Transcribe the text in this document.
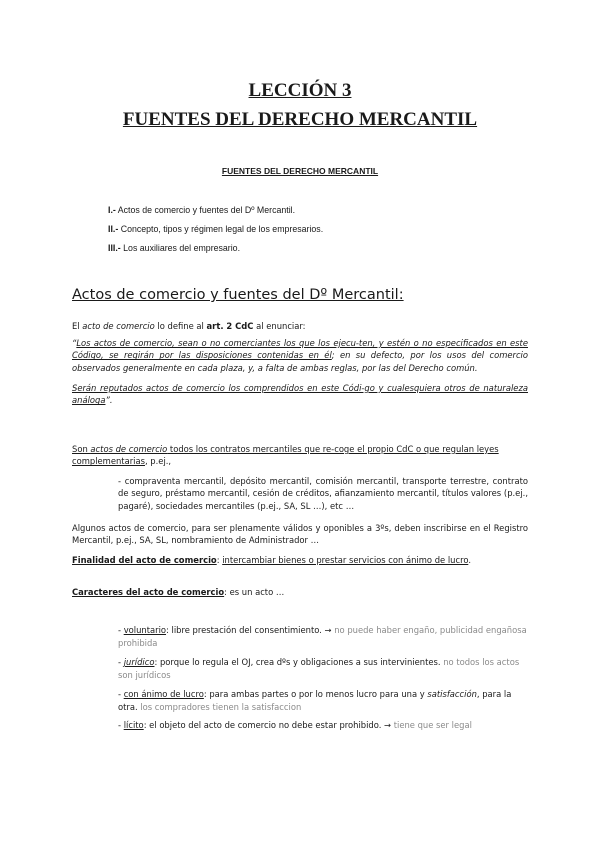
LECCIÓN 3
FUENTES DEL DERECHO MERCANTIL
FUENTES DEL DERECHO MERCANTIL
I.- Actos de comercio y fuentes del Dº Mercantil.
II.- Concepto, tipos y régimen legal de los empresarios.
III.- Los auxiliares del empresario.
Actos de comercio y fuentes del Dº Mercantil:
El acto de comercio lo define al art. 2 CdC al enunciar:
“Los actos de comercio, sean o no comerciantes los que los ejecu-ten, y estén o no especificados en este Código, se regirán por las disposiciones contenidas en él; en su defecto, por los usos del comercio observados generalmente en cada plaza, y, a falta de ambas reglas, por las del Derecho común.
Serán reputados actos de comercio los comprendidos en este Códi-go y cualesquiera otros de naturaleza análoga”.
Son actos de comercio todos los contratos mercantiles que re-coge el propio CdC o que regulan leyes complementarias, p.ej.,
- compraventa mercantil, depósito mercantil, comisión mercantil, transporte terrestre, contrato de seguro, préstamo mercantil, cesión de créditos, afianzamiento mercantil, títulos valores (p.ej., pagaré), sociedades mercantiles (p.ej., SA, SL …), etc …
Algunos actos de comercio, para ser plenamente válidos y oponibles a 3ºs, deben inscribirse en el Registro Mercantil, p.ej., SA, SL, nombramiento de Administrador …
Finalidad del acto de comercio: intercambiar bienes o prestar servicios con ánimo de lucro.
Caracteres del acto de comercio: es un acto …
- voluntario: libre prestación del consentimiento. → no puede haber engaño, publicidad engañosa prohibida
- jurídico: porque lo regula el OJ, crea dºs y obligaciones a sus intervinientes. no todos los actos son jurídicos
- con ánimo de lucro: para ambas partes o por lo menos lucro para una y satisfacción, para la otra. los compradores tienen la satisfaccion
- lícito: el objeto del acto de comercio no debe estar prohibido. → tiene que ser legal
